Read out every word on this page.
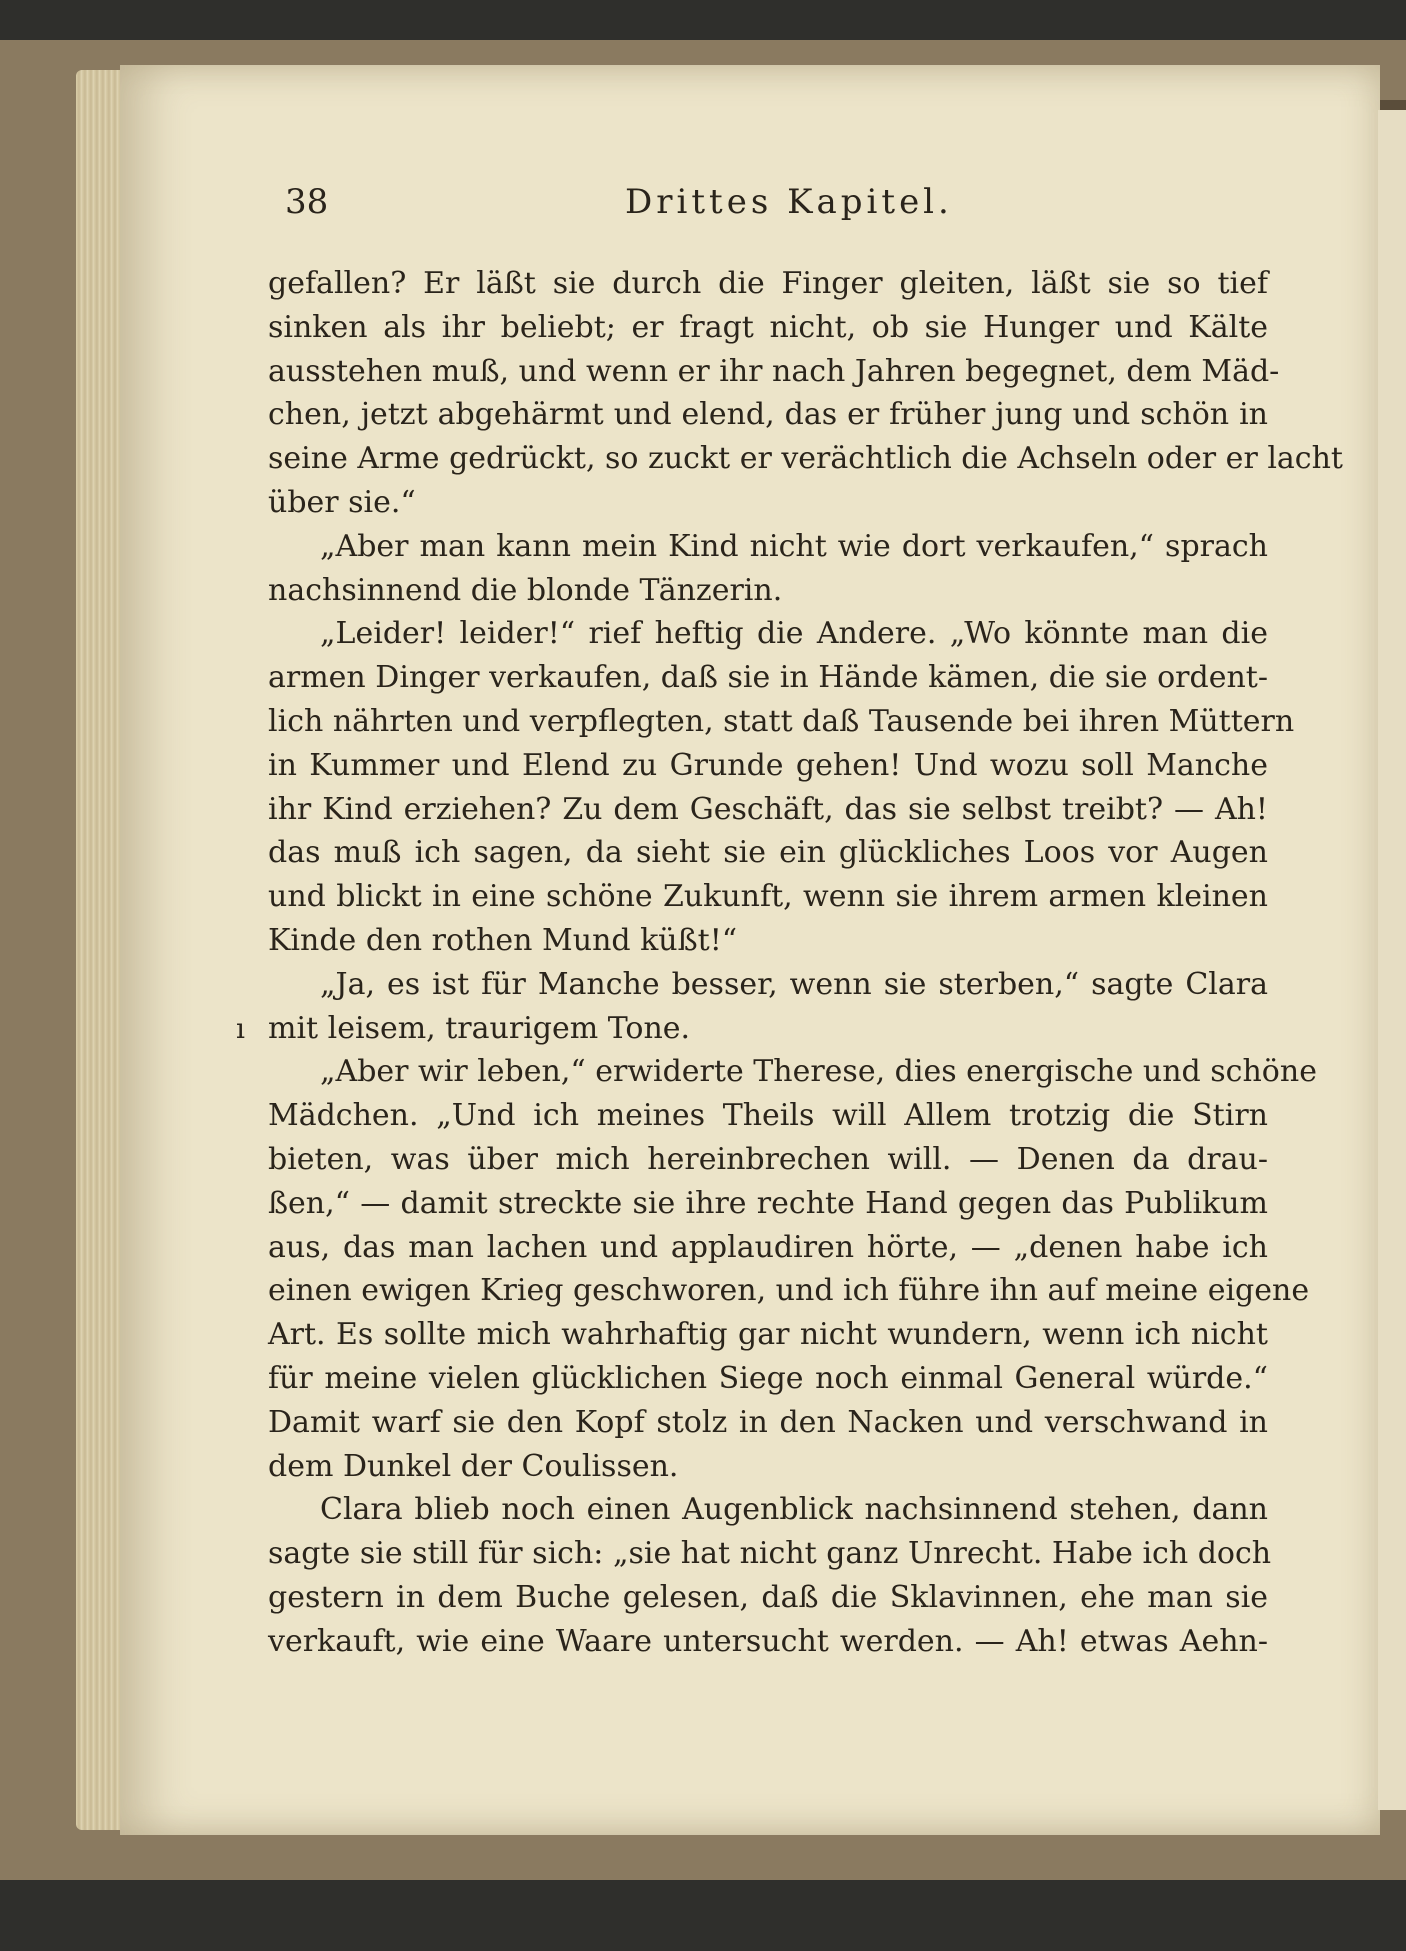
38	Drittes Kapitel.
ı
gefallen? Er läßt sie durch die Finger gleiten, läßt sie so tief
sinken als ihr beliebt; er fragt nicht, ob sie Hunger und Kälte
ausstehen muß, und wenn er ihr nach Jahren begegnet, dem Mäd-
chen, jetzt abgehärmt und elend, das er früher jung und schön in
seine Arme gedrückt, so zuckt er verächtlich die Achseln oder er lacht
über sie.“
„Aber man kann mein Kind nicht wie dort verkaufen,“ sprach
nachsinnend die blonde Tänzerin.
„Leider! leider!“ rief heftig die Andere. „Wo könnte man die
armen Dinger verkaufen, daß sie in Hände kämen, die sie ordent-
lich nährten und verpflegten, statt daß Tausende bei ihren Müttern
in Kummer und Elend zu Grunde gehen! Und wozu soll Manche
ihr Kind erziehen? Zu dem Geschäft, das sie selbst treibt? — Ah!
das muß ich sagen, da sieht sie ein glückliches Loos vor Augen
und blickt in eine schöne Zukunft, wenn sie ihrem armen kleinen
Kinde den rothen Mund küßt!“
„Ja, es ist für Manche besser, wenn sie sterben,“ sagte Clara
mit leisem, traurigem Tone.
„Aber wir leben,“ erwiderte Therese, dies energische und schöne
Mädchen. „Und ich meines Theils will Allem trotzig die Stirn
bieten, was über mich hereinbrechen will. — Denen da drau-
ßen,“ — damit streckte sie ihre rechte Hand gegen das Publikum
aus, das man lachen und applaudiren hörte, — „denen habe ich
einen ewigen Krieg geschworen, und ich führe ihn auf meine eigene
Art. Es sollte mich wahrhaftig gar nicht wundern, wenn ich nicht
für meine vielen glücklichen Siege noch einmal General würde.“
Damit warf sie den Kopf stolz in den Nacken und verschwand in
dem Dunkel der Coulissen.
Clara blieb noch einen Augenblick nachsinnend stehen, dann
sagte sie still für sich: „sie hat nicht ganz Unrecht. Habe ich doch
gestern in dem Buche gelesen, daß die Sklavinnen, ehe man sie
verkauft, wie eine Waare untersucht werden. — Ah! etwas Aehn-
